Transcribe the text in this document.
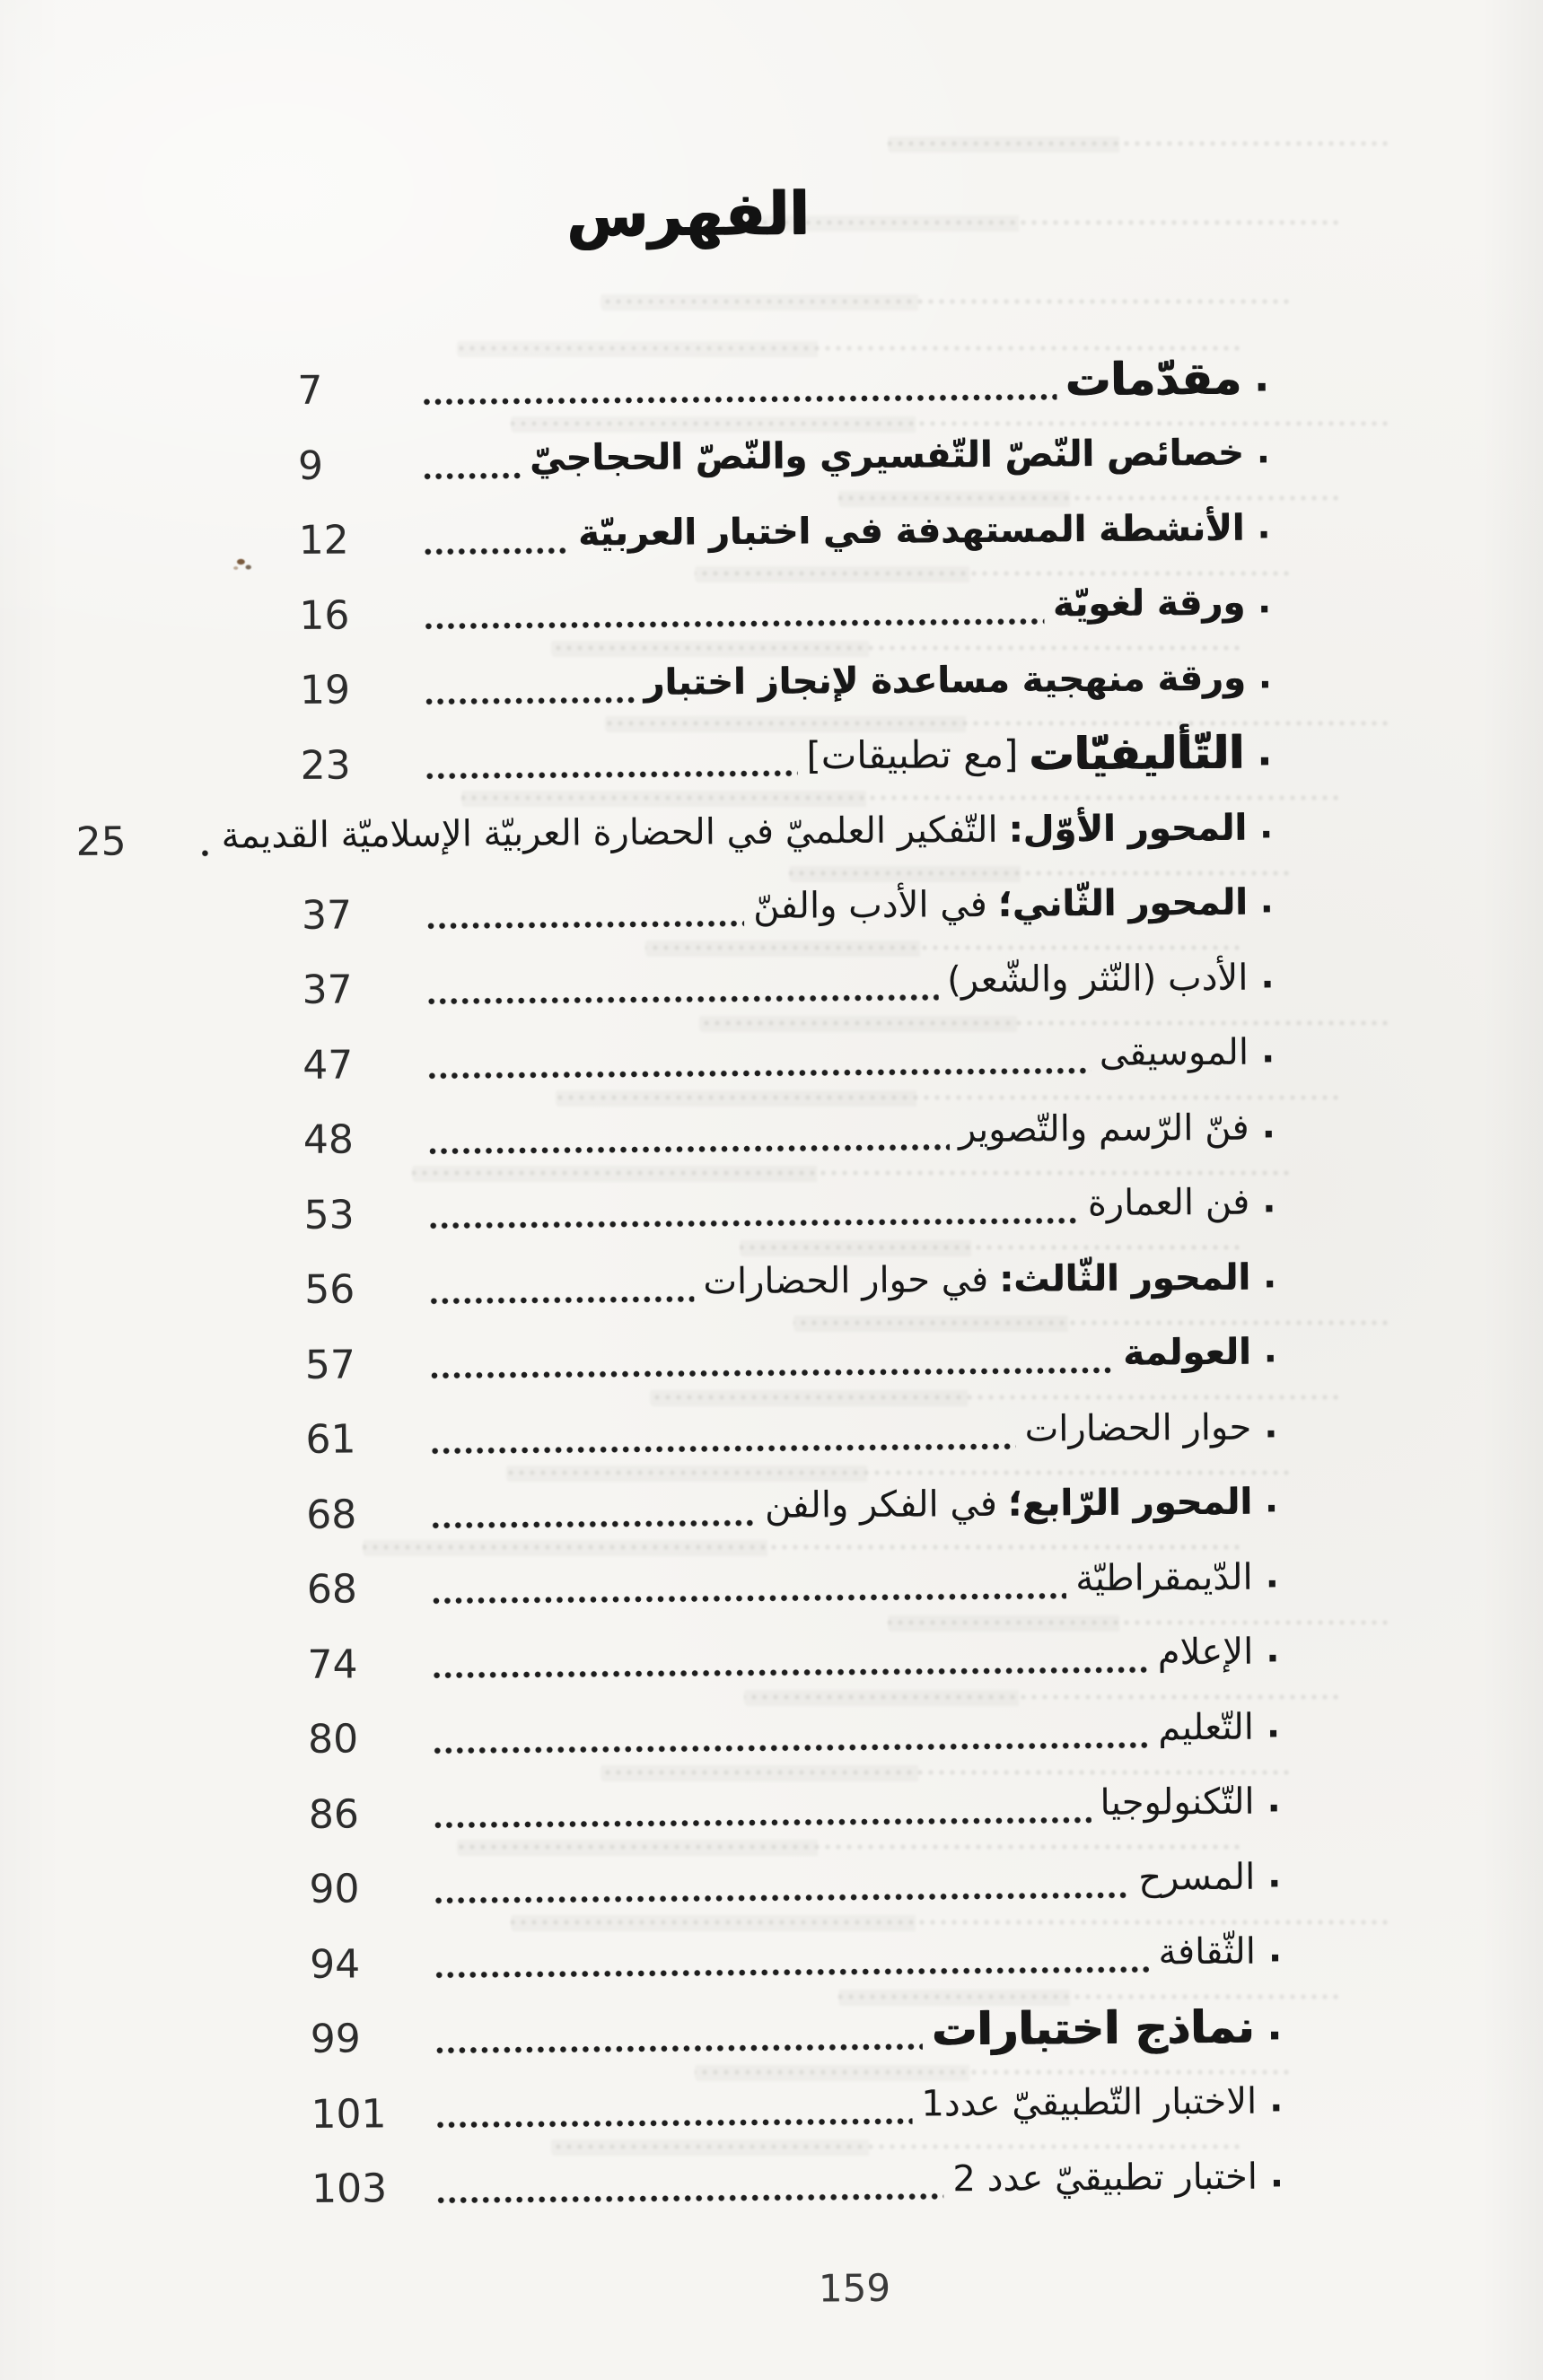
الفهرس
.
مقدّمات
7
.
خصائص النّصّ التّفسيري والنّصّ الحجاجيّ
9
.
الأنشطة المستهدفة في اختبار العربيّة
12
.
ورقة لغويّة
16
.
ورقة منهجية مساعدة لإنجاز اختبار
19
.
التّأليفيّات
[مع تطبيقات]
23
.
المحور الأوّل:
التّفكير العلميّ في الحضارة العربيّة الإسلاميّة القديمة
25
.
المحور الثّاني؛
في الأدب والفنّ
37
.
الأدب (النّثر والشّعر)
37
.
الموسيقى
47
.
فنّ الرّسم والتّصوير
48
.
فن العمارة
53
.
المحور الثّالث:
في حوار الحضارات
56
.
العولمة
57
.
حوار الحضارات
61
.
المحور الرّابع؛
في الفكر والفن
68
.
الدّيمقراطيّة
68
.
الإعلام
74
.
التّعليم
80
.
التّكنولوجيا
86
.
المسرح
90
.
الثّقافة
94
.
نماذج اختبارات
99
.
الاختبار التّطبيقيّ عدد1
101
.
اختبار تطبيقيّ عدد 2
103
159
